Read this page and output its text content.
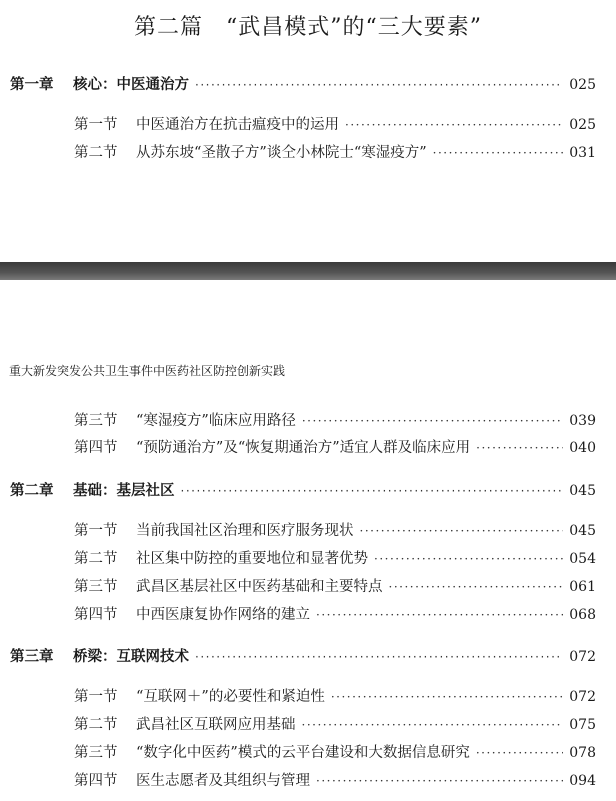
第二篇　“武昌模式”的“三大要素”
第一章	核心：中医通治方 ·····	025
第一节	中医通治方在抗击瘟疫中的运用 ·····	025
第二节	从苏东坡“圣散子方”谈仝小林院士“寒湿疫方” ·····	031
重大新发突发公共卫生事件中医药社区防控创新实践
第三节	“寒湿疫方”临床应用路径 ·····	039
第四节	“预防通治方”及“恢复期通治方”适宜人群及临床应用 ·····	040
第二章	基础：基层社区 ·····	045
第一节	当前我国社区治理和医疗服务现状 ·····	045
第二节	社区集中防控的重要地位和显著优势 ·····	054
第三节	武昌区基层社区中医药基础和主要特点 ·····	061
第四节	中西医康复协作网络的建立 ·····	068
第三章	桥梁：互联网技术 ·····	072
第一节	“互联网＋”的必要性和紧迫性 ·····	072
第二节	武昌社区互联网应用基础 ·····	075
第三节	“数字化中医药”模式的云平台建设和大数据信息研究 ·····	078
第四节	医生志愿者及其组织与管理 ·····	094
